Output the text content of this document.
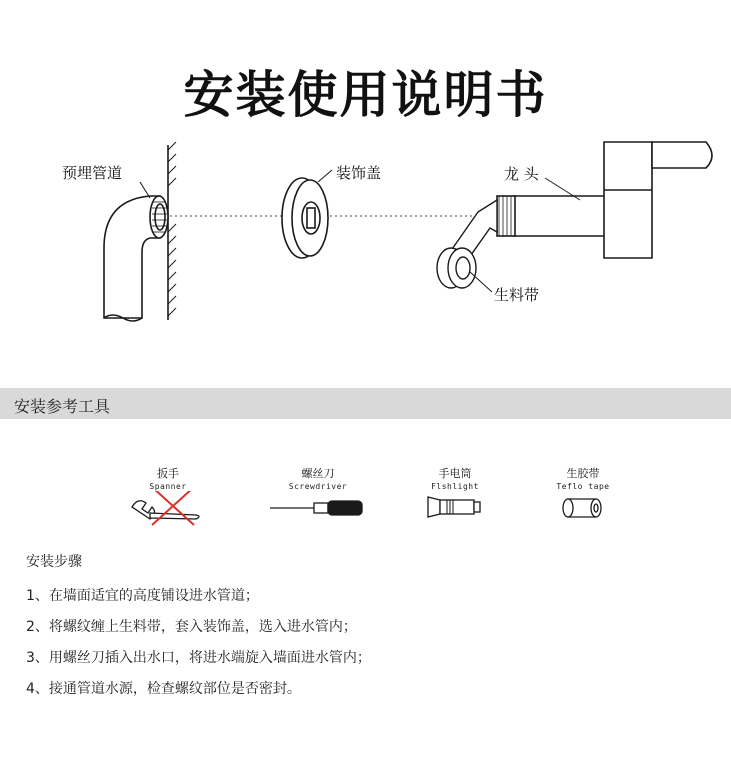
安装使用说明书
预埋管道	装饰盖	龙 头
生料带
安装参考工具
扳手
Spanner
螺丝刀
Screwdriver
手电筒
Flshlight
生胶带
Teflo tape
安装步骤
1、在墙面适宜的高度铺设进水管道；
2、将螺纹缠上生料带，套入装饰盖，选入进水管内；
3、用螺丝刀插入出水口，将进水端旋入墙面进水管内；
4、接通管道水源，检查螺纹部位是否密封。
